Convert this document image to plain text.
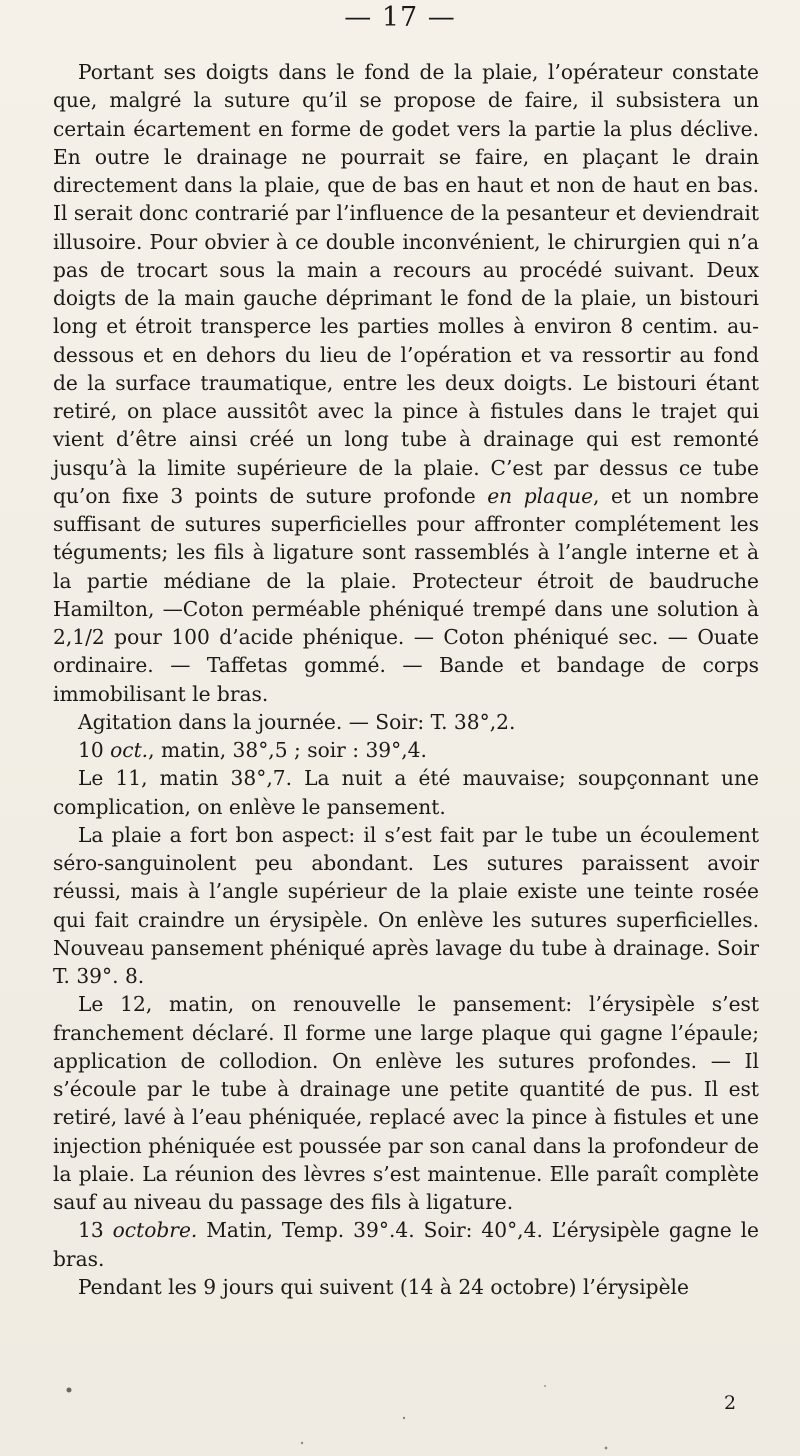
— 17 —

Portant ses doigts dans le fond de la plaie, l’opérateur constate que, malgré la suture qu’il se propose de faire, il subsistera un certain écartement en forme de godet vers la partie la plus déclive. En outre le drainage ne pourrait se faire, en plaçant le drain directement dans la plaie, que de bas en haut et non de haut en bas. Il serait donc contrarié par l’influence de la pesanteur et deviendrait illusoire. Pour obvier à ce double inconvénient, le chirurgien qui n’a pas de trocart sous la main a recours au procédé suivant. Deux doigts de la main gauche déprimant le fond de la plaie, un bistouri long et étroit transperce les parties molles à environ 8 centim. au-dessous et en dehors du lieu de l’opération et va ressortir au fond de la surface traumatique, entre les deux doigts. Le bistouri étant retiré, on place aussitôt avec la pince à fistules dans le trajet qui vient d’être ainsi créé un long tube à drainage qui est remonté jusqu’à la limite supérieure de la plaie. C’est par dessus ce tube qu’on fixe 3 points de suture profonde en plaque, et un nombre suffisant de sutures superficielles pour affronter complétement les téguments; les fils à ligature sont rassemblés à l’angle interne et à la partie médiane de la plaie. Protecteur étroit de baudruche Hamilton, —Coton perméable phéniqué trempé dans une solution à 2,1/2 pour 100 d’acide phénique. — Coton phéniqué sec. — Ouate ordinaire. — Taffetas gommé. — Bande et bandage de corps immobilisant le bras.

Agitation dans la journée. — Soir: T. 38°,2.

10 oct., matin, 38°,5 ; soir : 39°,4.

Le 11, matin 38°,7. La nuit a été mauvaise; soupçonnant une complication, on enlève le pansement.

La plaie a fort bon aspect: il s’est fait par le tube un écoulement séro-sanguinolent peu abondant. Les sutures paraissent avoir réussi, mais à l’angle supérieur de la plaie existe une teinte rosée qui fait craindre un érysipèle. On enlève les sutures superficielles. Nouveau pansement phéniqué après lavage du tube à drainage. Soir T. 39°. 8.

Le 12, matin, on renouvelle le pansement: l’érysipèle s’est franchement déclaré. Il forme une large plaque qui gagne l’épaule; application de collodion. On enlève les sutures profondes. — Il s’écoule par le tube à drainage une petite quantité de pus. Il est retiré, lavé à l’eau phéniquée, replacé avec la pince à fistules et une injection phéniquée est poussée par son canal dans la profondeur de la plaie. La réunion des lèvres s’est maintenue. Elle paraît complète sauf au niveau du passage des fils à ligature.

13 octobre. Matin, Temp. 39°.4. Soir: 40°,4. L’érysipèle gagne le bras.

Pendant les 9 jours qui suivent (14 à 24 octobre) l’érysipèle

2
